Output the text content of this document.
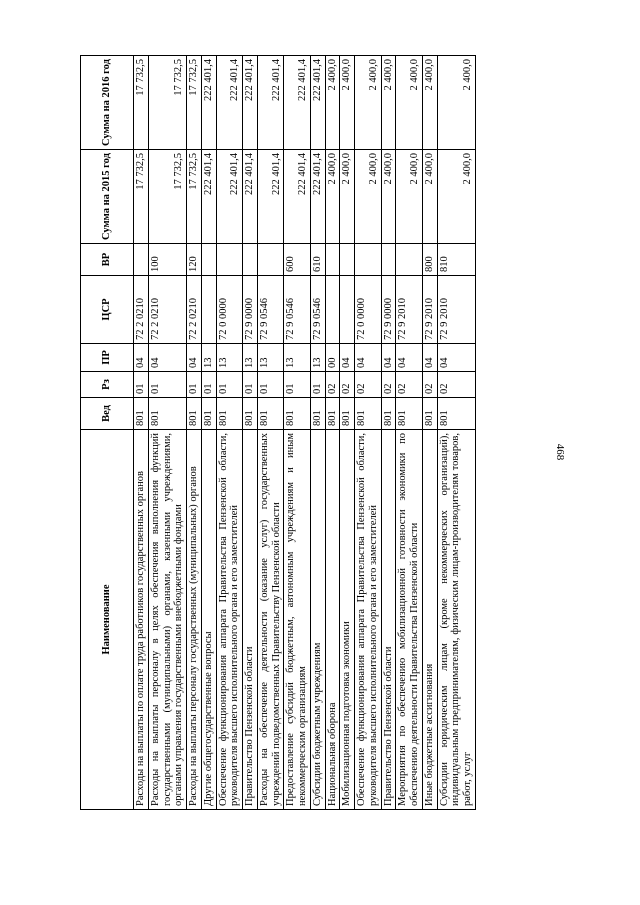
468
Наименование	Вед	Рз	ПР	ЦСР	ВР	Сумма на 2015 год	Сумма на 2016 год
Расходы на выплаты по оплате труда работников государственных органов	801	01	04	72 2 0210		17 732,5	17 732,5
Расходы на выплаты персоналу в целях обеспечения выполнения функций государственными (муниципальными) органами, казенными учреждениями, органами управления государственными внебюджетными фондами	801	01	04	72 2 0210	100	17 732,5	17 732,5
Расходы на выплаты персоналу государственных (муниципальных) органов	801	01	04	72 2 0210	120	17 732,5	17 732,5
Другие общегосударственные вопросы	801	01	13			222 401,4	222 401,4
Обеспечение функционирования аппарата Правительства Пензенской области, руководителя высшего исполнительного органа и его заместителей	801	01	13	72 0 0000		222 401,4	222 401,4
Правительство Пензенской области	801	01	13	72 9 0000		222 401,4	222 401,4
Расходы на обеспечение деятельности (оказание услуг) государственных учреждений подведомственных Правительству Пензенской области	801	01	13	72 9 0546		222 401,4	222 401,4
Предоставление субсидий бюджетным, автономным учреждениям и иным некоммерческим организациям	801	01	13	72 9 0546	600	222 401,4	222 401,4
Субсидии бюджетным учреждениям	801	01	13	72 9 0546	610	222 401,4	222 401,4
Национальная оборона	801	02	00			2 400,0	2 400,0
Мобилизационная подготовка экономики	801	02	04			2 400,0	2 400,0
Обеспечение функционирования аппарата Правительства Пензенской области, руководителя высшего исполнительного органа и его заместителей	801	02	04	72 0 0000		2 400,0	2 400,0
Правительство Пензенской области	801	02	04	72 9 0000		2 400,0	2 400,0
Мероприятия по обеспечению мобилизационной готовности экономики по обеспечению деятельности Правительства Пензенской области	801	02	04	72 9 2010		2 400,0	2 400,0
Иные бюджетные ассигнования	801	02	04	72 9 2010	800	2 400,0	2 400,0
Субсидии юридическим лицам (кроме некоммерческих организаций), индивидуальным предпринимателям, физическим лицам-производителям товаров, работ, услуг	801	02	04	72 9 2010	810	2 400,0	2 400,0
